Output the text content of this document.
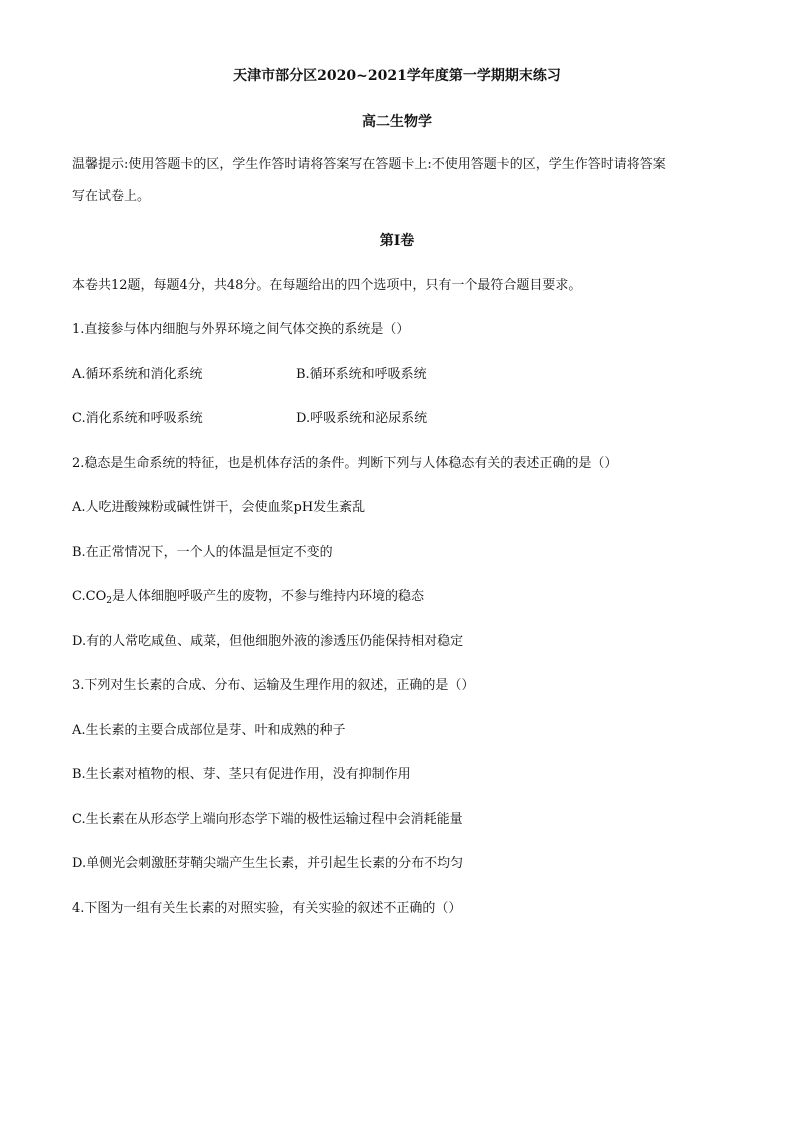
天津市部分区2020~2021学年度第一学期期末练习
高二生物学
温馨提示:使用答题卡的区，学生作答时请将答案写在答题卡上:不使用答题卡的区，学生作答时请将答案
写在试卷上。
第Ⅰ卷
本卷共12题，每题4分，共48分。在每题给出的四个选项中，只有一个最符合题目要求。
1.直接参与体内细胞与外界环境之间气体交换的系统是（）
A.循环系统和消化系统	B.循环系统和呼吸系统
C.消化系统和呼吸系统	D.呼吸系统和泌尿系统
2.稳态是生命系统的特征，也是机体存活的条件。判断下列与人体稳态有关的表述正确的是（）
A.人吃进酸辣粉或碱性饼干，会使血浆pH发生紊乱
B.在正常情况下，一个人的体温是恒定不变的
$C.CO_2$是人体细胞呼吸产生的废物，不参与维持内环境的稳态
D.有的人常吃咸鱼、咸菜，但他细胞外液的渗透压仍能保持相对稳定
3.下列对生长素的合成、分布、运输及生理作用的叙述，正确的是（）
A.生长素的主要合成部位是芽、叶和成熟的种子
B.生长素对植物的根、芽、茎只有促进作用，没有抑制作用
C.生长素在从形态学上端向形态学下端的极性运输过程中会消耗能量
D.单侧光会刺激胚芽鞘尖端产生生长素，并引起生长素的分布不均匀
4.下图为一组有关生长素的对照实验，有关实验的叙述不正确的（）
